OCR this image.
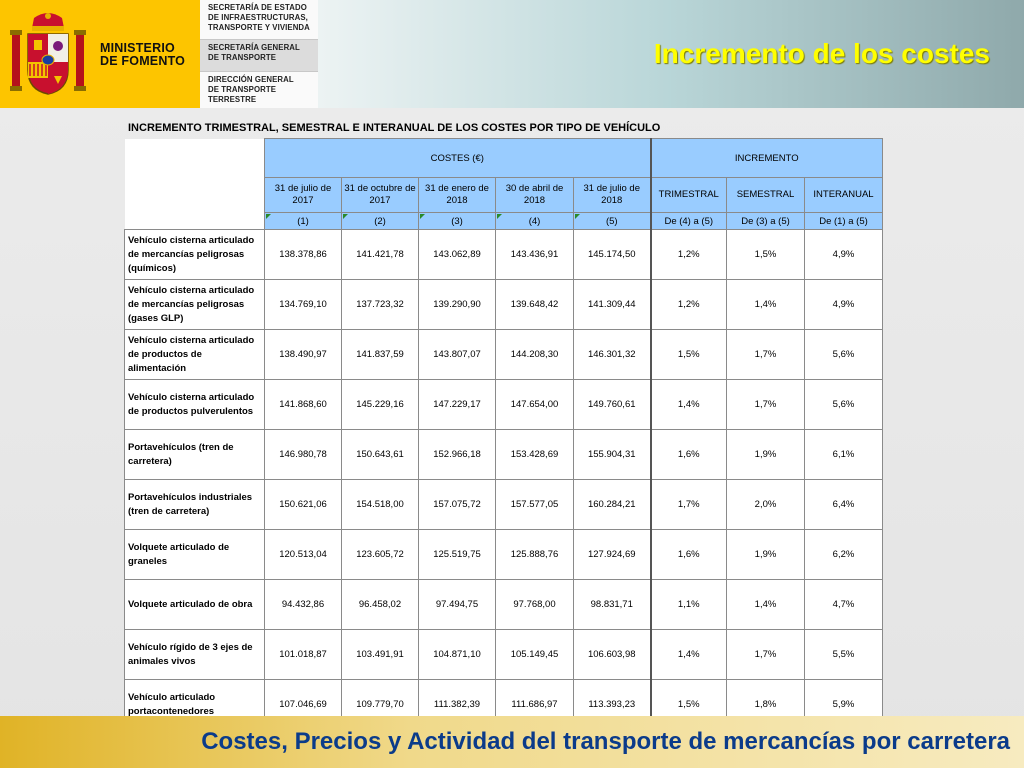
MINISTERIO
DE FOMENTO
SECRETARÍA DE ESTADO
DE INFRAESTRUCTURAS,
TRANSPORTE Y VIVIENDA
SECRETARÍA GENERAL
DE TRANSPORTE
DIRECCIÓN GENERAL
DE TRANSPORTE
TERRESTRE
Incremento de los costes
INCREMENTO TRIMESTRAL, SEMESTRAL E INTERANUAL DE LOS COSTES POR TIPO DE VEHÍCULO
	COSTES (€)					INCREMENTO		
	31 de julio de 2017	31 de octubre de 2017	31 de enero de 2018	30 de abril de 2018	31 de julio de 2018	TRIMESTRAL	SEMESTRAL	INTERANUAL

(1)	(2)	(3)	(4)	(5)	De (4) a (5)	De (3) a (5)	De (1) a (5)
Vehículo cisterna articulado de mercancías peligrosas (químicos)	138.378,86	141.421,78	143.062,89	143.436,91	145.174,50	1,2%	1,5%	4,9%
Vehículo cisterna articulado de mercancías peligrosas (gases GLP)	134.769,10	137.723,32	139.290,90	139.648,42	141.309,44	1,2%	1,4%	4,9%
Vehículo cisterna articulado de productos de alimentación	138.490,97	141.837,59	143.807,07	144.208,30	146.301,32	1,5%	1,7%	5,6%
Vehículo cisterna articulado de productos pulverulentos	141.868,60	145.229,16	147.229,17	147.654,00	149.760,61	1,4%	1,7%	5,6%
Portavehículos (tren de carretera)	146.980,78	150.643,61	152.966,18	153.428,69	155.904,31	1,6%	1,9%	6,1%
Portavehículos industriales (tren de carretera)	150.621,06	154.518,00	157.075,72	157.577,05	160.284,21	1,7%	2,0%	6,4%
Volquete articulado de graneles	120.513,04	123.605,72	125.519,75	125.888,76	127.924,69	1,6%	1,9%	6,2%
Volquete articulado de obra	94.432,86	96.458,02	97.494,75	97.768,00	98.831,71	1,1%	1,4%	4,7%
Vehículo rígido de 3 ejes de animales vivos	101.018,87	103.491,91	104.871,10	105.149,45	106.603,98	1,4%	1,7%	5,5%
Vehículo articulado portacontenedores	107.046,69	109.779,70	111.382,39	111.686,97	113.393,23	1,5%	1,8%	5,9%
Costes, Precios y Actividad del transporte de mercancías por carretera
